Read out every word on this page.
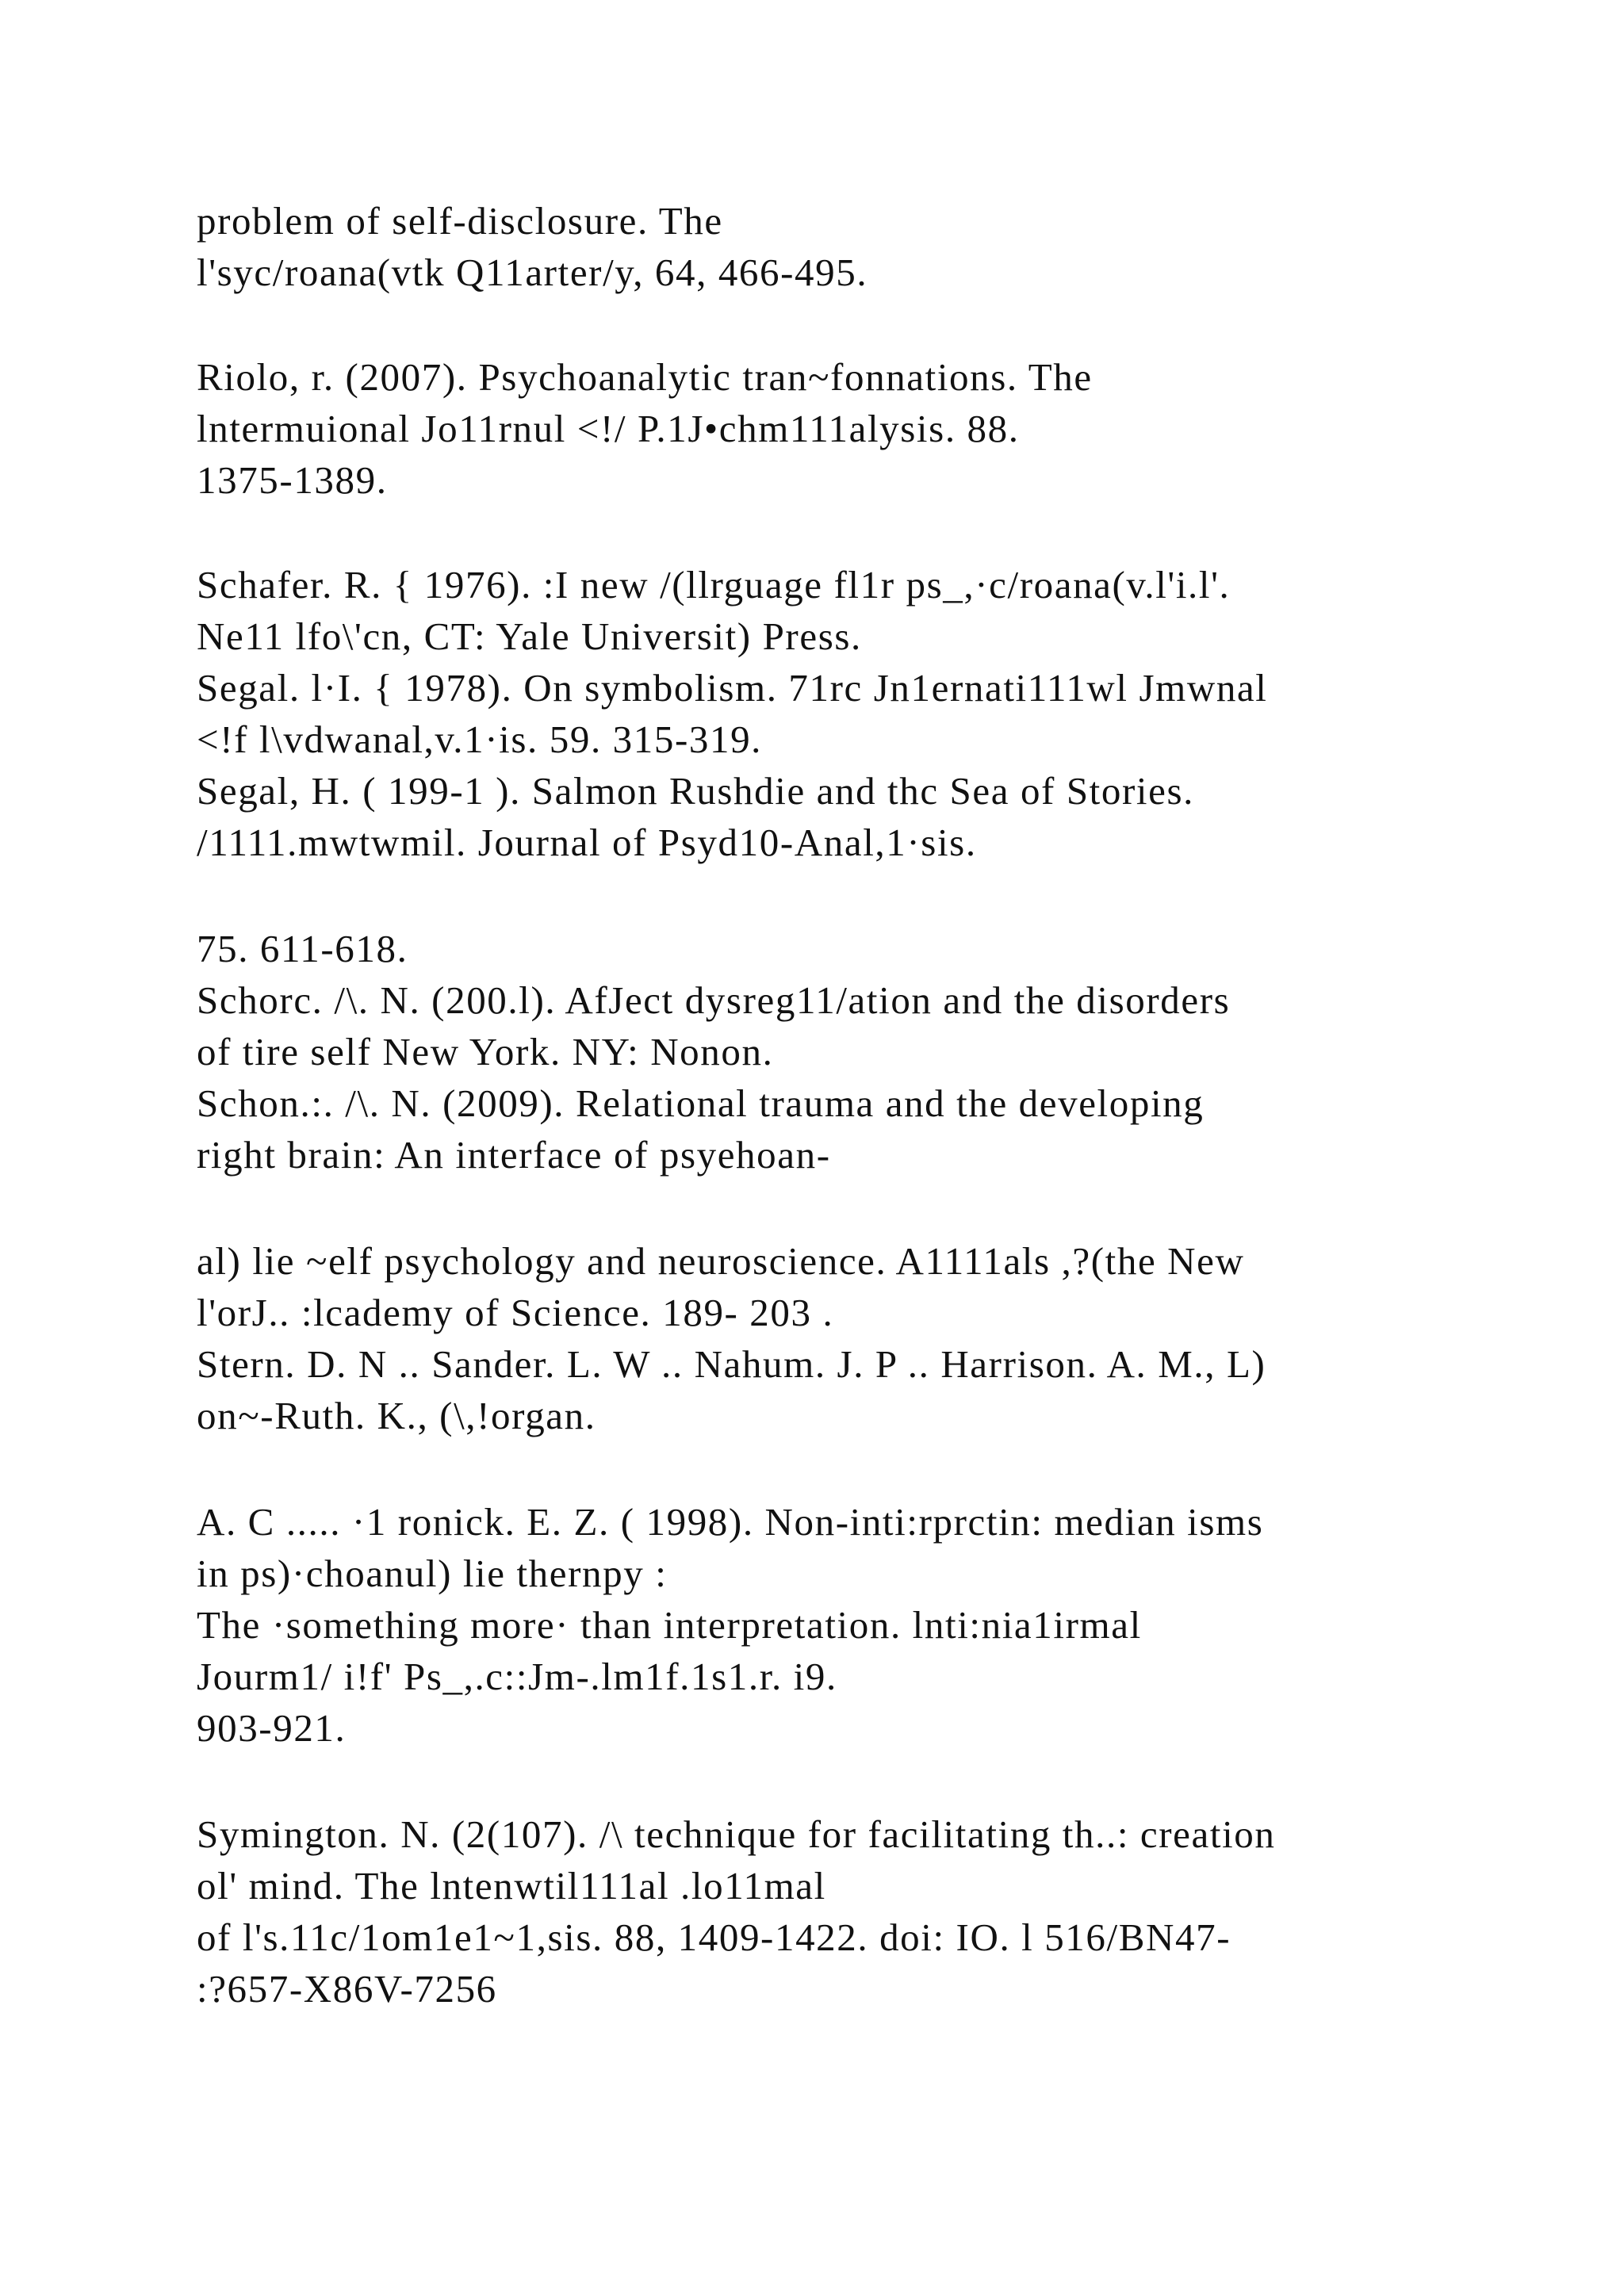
problem of self-disclosure. The
l'syc/roana(vtk Q11arter/y, 64, 466-495.
Riolo, r. (2007). Psychoanalytic tran~fonnations. The
lntermuional Jo11rnul <!/ P.1J•chm111alysis. 88.
1375-1389.
Schafer. R. { 1976). :I new /(llrguage fl1r ps_,·c/roana(v.l'i.l'.
Ne11 lfo\'cn, CT: Yale Universit) Press.
Segal. l·I. { 1978). On symbolism. 71rc Jn1ernati111wl Jmwnal
<!f l\vdwanal,v.1·is. 59. 315-319.
Segal, H. ( 199-1 ). Salmon Rushdie and thc Sea of Stories.
/1111.mwtwmil. Journal of Psyd10-Anal,1·sis.
75. 611-618.
Schorc. /\. N. (200.l). AfJect dysreg11/ation and the disorders
of tire self New York. NY: Nonon.
Schon.:. /\. N. (2009). Relational trauma and the developing
right brain: An interface of psyehoan-
al) lie ~elf psychology and neuroscience. A1111als ,?(the New
l'orJ.. :lcademy of Science. 189- 203 .
Stern. D. N .. Sander. L. W .. Nahum. J. P .. Harrison. A. M., L)
on~-Ruth. K., (\,!organ.
A. C ..... ·1 ronick. E. Z. ( 1998). Non-inti:rprctin: median isms
in ps)·choanul) lie thernpy :
The ·something more· than interpretation. lnti:nia1irmal
Jourm1/ i!f' Ps_,.c::Jm-.lm1f.1s1.r. i9.
903-921.
Symington. N. (2(107). /\ technique for facilitating th..: creation
ol' mind. The lntenwtil111al .lo11mal
of l's.11c/1om1e1~1,sis. 88, 1409-1422. doi: IO. l 516/BN47-
:?657-X86V-7256
